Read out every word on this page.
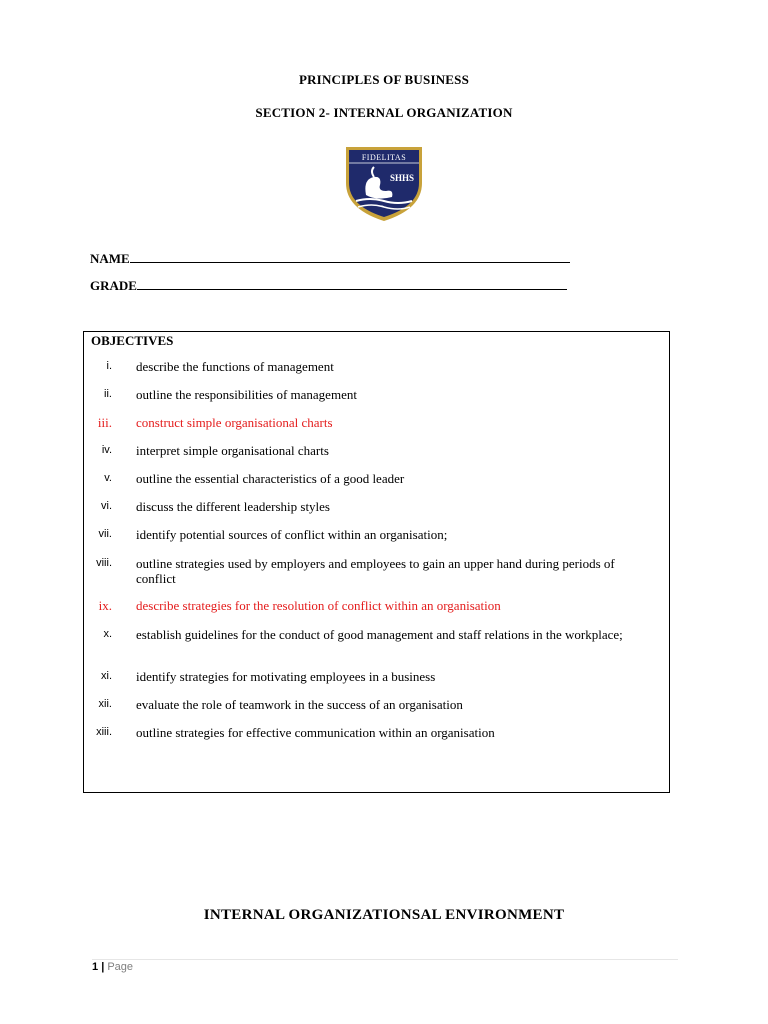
PRINCIPLES OF BUSINESS
SECTION 2- INTERNAL ORGANIZATION
FIDELITAS
SHHS
NAME
GRADE
OBJECTIVES
i. describe the functions of management
ii. outline the responsibilities of management
iii. construct simple organisational charts
iv. interpret simple organisational charts
v. outline the essential characteristics of a good leader
vi. discuss the different leadership styles
vii. identify potential sources of conflict within an organisation;
viii. outline strategies used by employers and employees to gain an upper hand during periods of conflict
ix. describe strategies for the resolution of conflict within an organisation
x. establish guidelines for the conduct of good management and staff relations in the workplace;
xi. identify strategies for motivating employees in a business
xii. evaluate the role of teamwork in the success of an organisation
xiii. outline strategies for effective communication within an organisation
INTERNAL ORGANIZATIONSAL ENVIRONMENT
1 | Page
